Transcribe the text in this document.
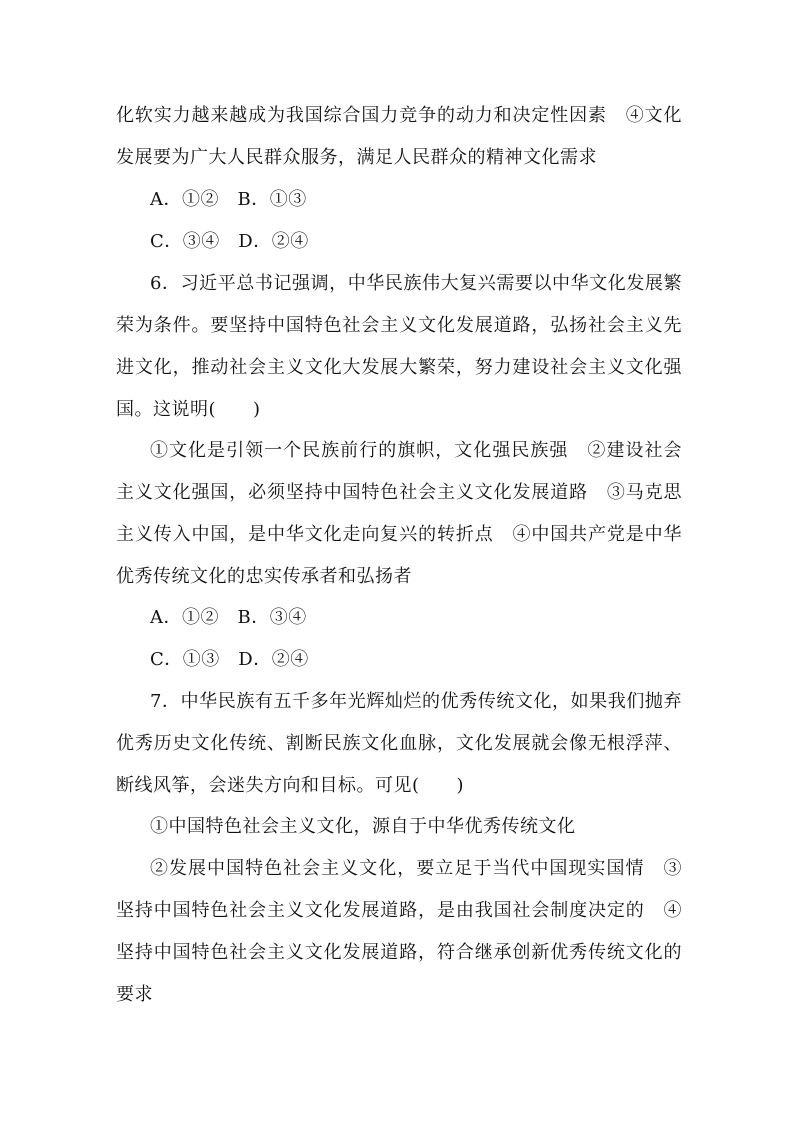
化软实力越来越成为我国综合国力竞争的动力和决定性因素　④文化
发展要为广大人民群众服务，满足人民群众的精神文化需求
A．①②　B．①③
C．③④　D．②④
6．习近平总书记强调，中华民族伟大复兴需要以中华文化发展繁
荣为条件。要坚持中国特色社会主义文化发展道路，弘扬社会主义先
进文化，推动社会主义文化大发展大繁荣，努力建设社会主义文化强
国。这说明(　　)
①文化是引领一个民族前行的旗帜，文化强民族强　②建设社会
主义文化强国，必须坚持中国特色社会主义文化发展道路　③马克思
主义传入中国，是中华文化走向复兴的转折点　④中国共产党是中华
优秀传统文化的忠实传承者和弘扬者
A．①②　B．③④
C．①③　D．②④
7．中华民族有五千多年光辉灿烂的优秀传统文化，如果我们抛弃
优秀历史文化传统、割断民族文化血脉，文化发展就会像无根浮萍、
断线风筝，会迷失方向和目标。可见(　　)
①中国特色社会主义文化，源自于中华优秀传统文化
②发展中国特色社会主义文化，要立足于当代中国现实国情　③
坚持中国特色社会主义文化发展道路，是由我国社会制度决定的　④
坚持中国特色社会主义文化发展道路，符合继承创新优秀传统文化的
要求
